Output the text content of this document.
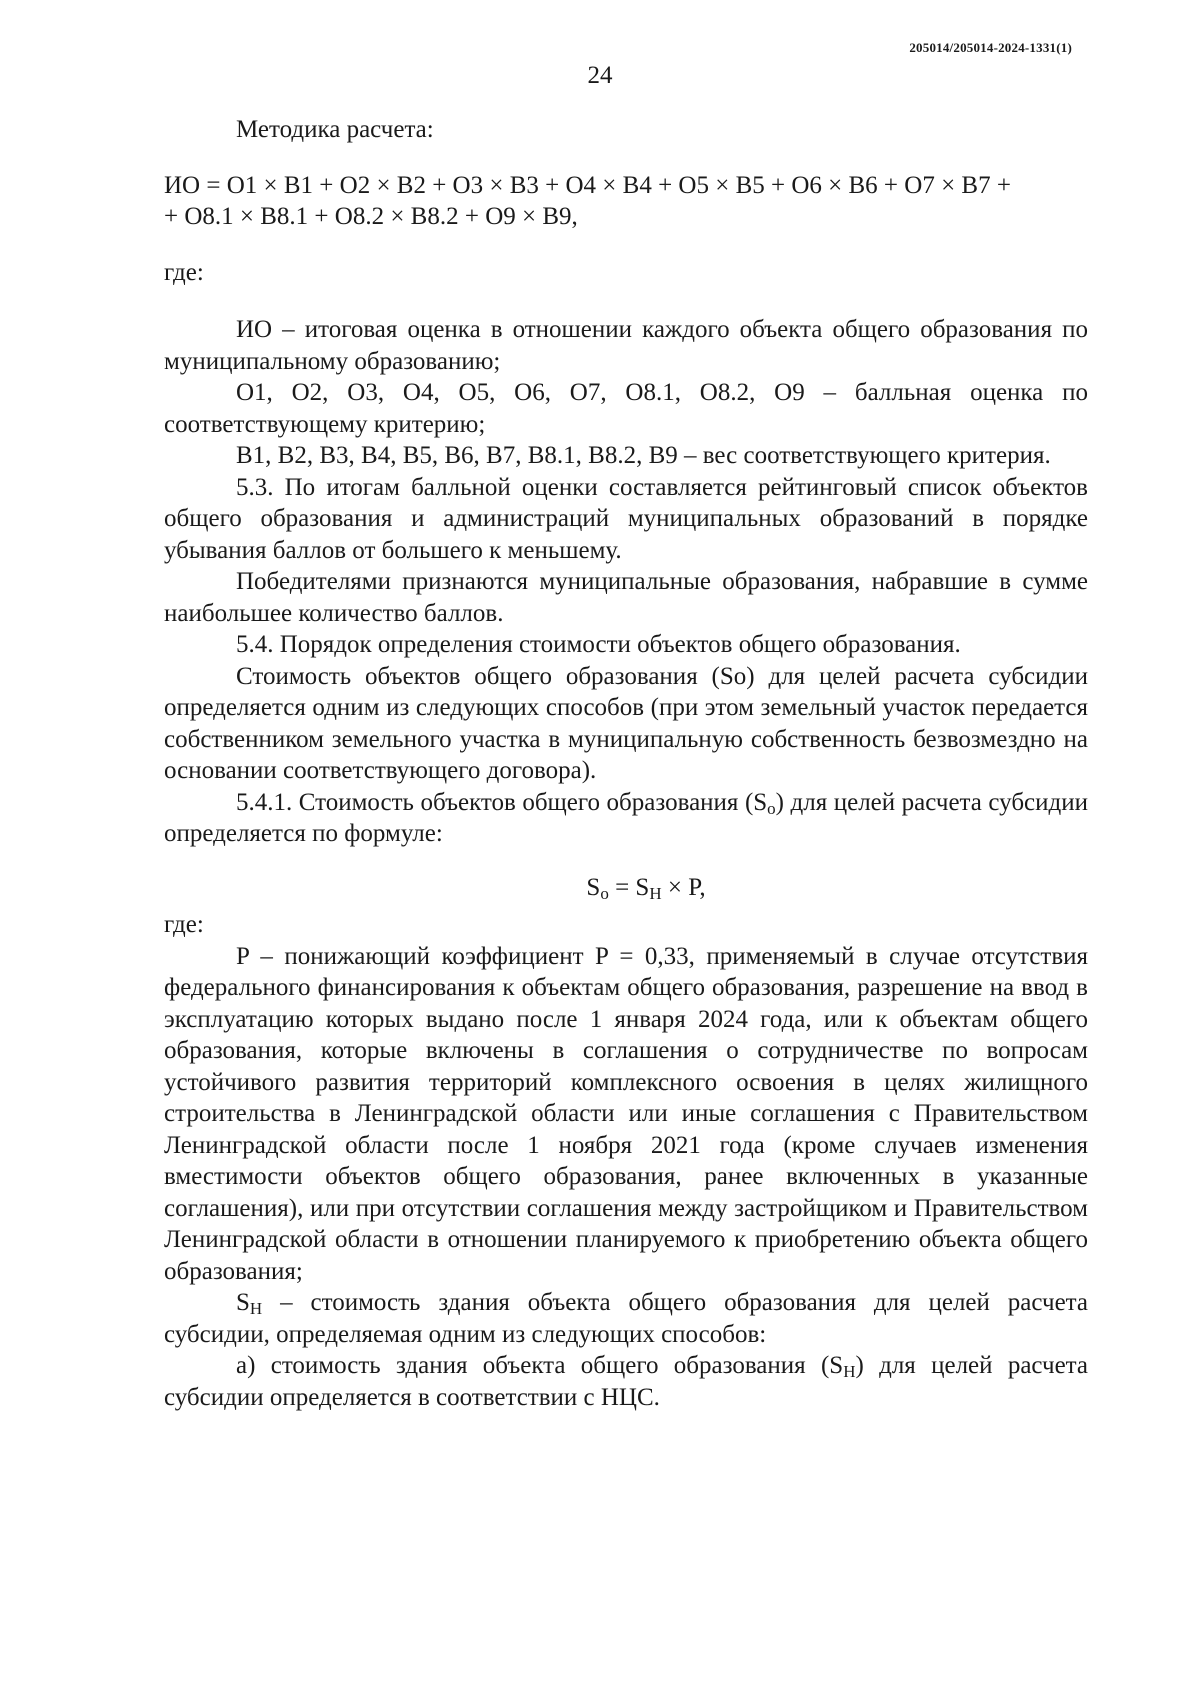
205014/205014-2024-1331(1)
24

Методика расчета:

ИО = О1 × В1 + О2 × В2 + О3 × В3 + О4 × В4 + О5 × В5 + О6 × В6 + О7 × В7 +

+ О8.1 × В8.1 + О8.2 × В8.2 + О9 × В9,

где:

ИО – итоговая оценка в отношении каждого объекта общего образования по муниципальному образованию;

О1, О2, О3, О4, О5, О6, О7, О8.1, О8.2, О9 – балльная оценка по соответствующему критерию;

В1, В2, В3, В4, В5, В6, В7, В8.1, В8.2, В9 – вес соответствующего критерия.

5.3. По итогам балльной оценки составляется рейтинговый список объектов общего образования и администраций муниципальных образований в порядке убывания баллов от большего к меньшему.

Победителями признаются муниципальные образования, набравшие в сумме наибольшее количество баллов.

5.4. Порядок определения стоимости объектов общего образования.

Стоимость объектов общего образования (So) для целей расчета субсидии определяется одним из следующих способов (при этом земельный участок передается собственником земельного участка в муниципальную собственность безвозмездно на основании соответствующего договора).

5.4.1. Стоимость объектов общего образования $(S_о)$ для целей расчета субсидии определяется по формуле:

$S_о = S_Н \times P$,

где:

P – понижающий коэффициент P = 0,33, применяемый в случае отсутствия федерального финансирования к объектам общего образования, разрешение на ввод в эксплуатацию которых выдано после 1 января 2024 года, или к объектам общего образования, которые включены в соглашения о сотрудничестве по вопросам устойчивого развития территорий комплексного освоения в целях жилищного строительства в Ленинградской области или иные соглашения с Правительством Ленинградской области после 1 ноября 2021 года (кроме случаев изменения вместимости объектов общего образования, ранее включенных в указанные соглашения), или при отсутствии соглашения между застройщиком и Правительством Ленинградской области в отношении планируемого к приобретению объекта общего образования;

$S_Н$ – стоимость здания объекта общего образования для целей расчета субсидии, определяемая одним из следующих способов:

а) стоимость здания объекта общего образования $(S_Н)$ для целей расчета субсидии определяется в соответствии с НЦС.
